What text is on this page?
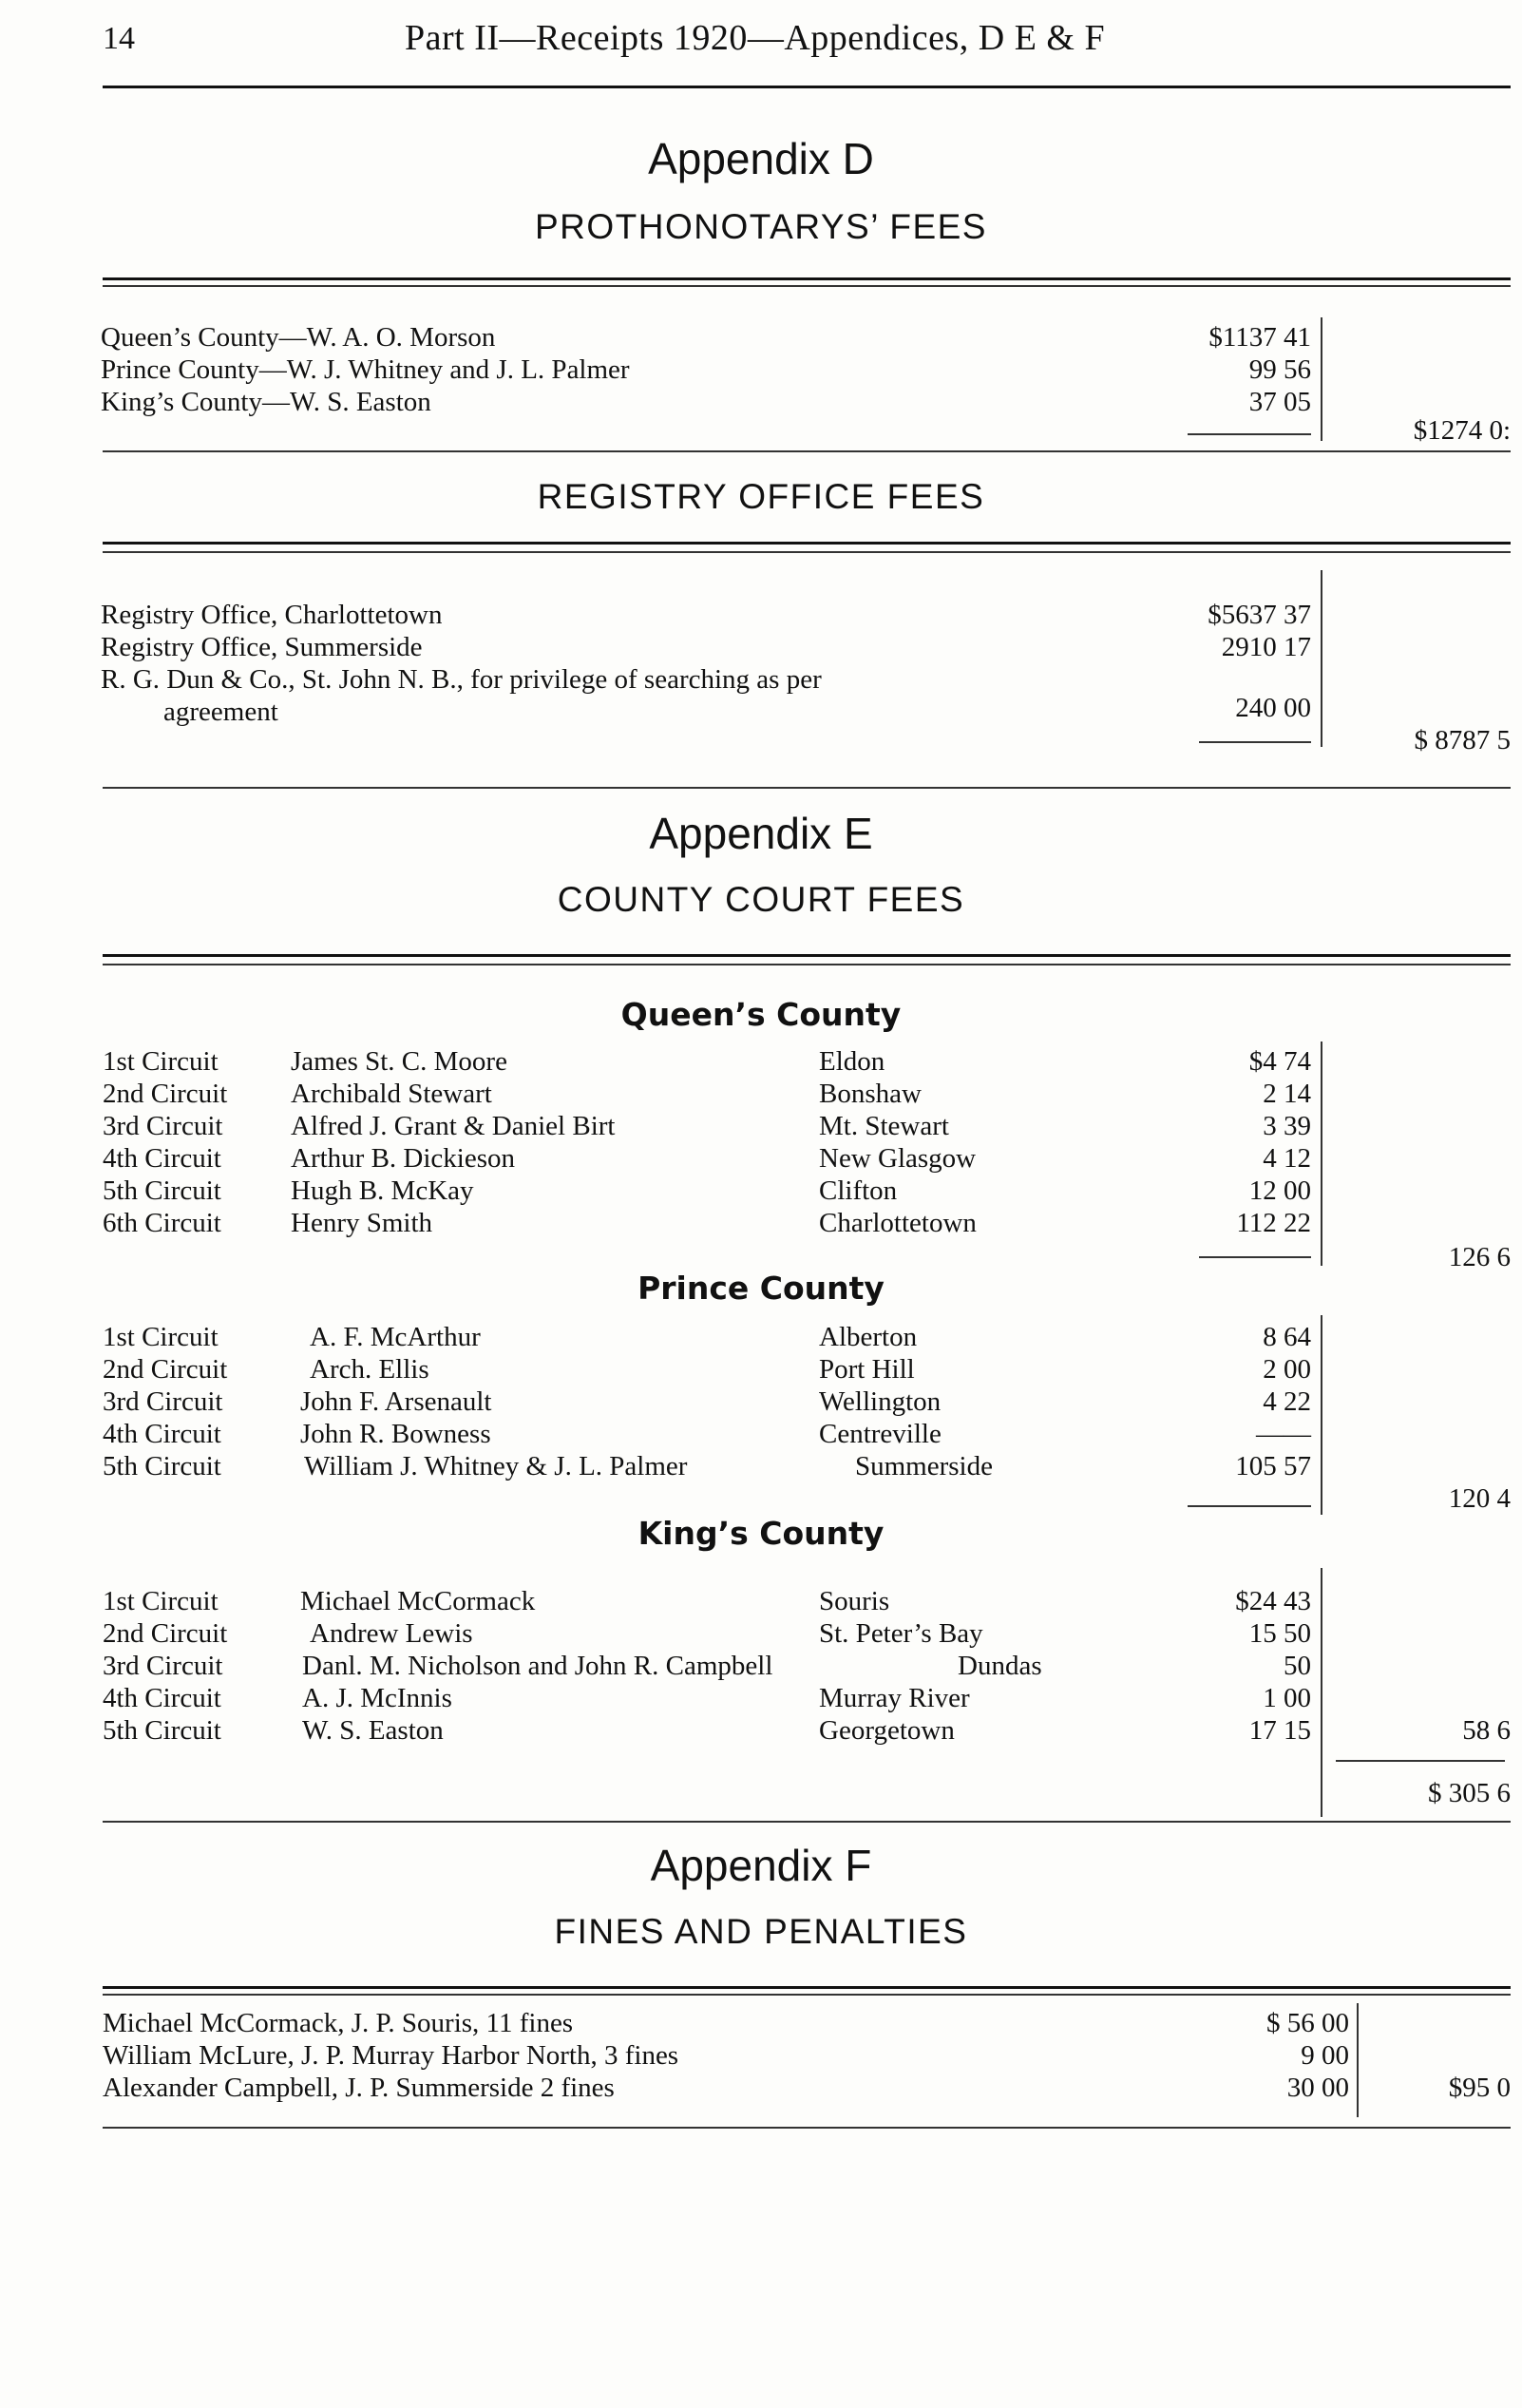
14	Part II—Receipts 1920—Appendices, D E & F
Appendix D
PROTHONOTARYS’ FEES
Queen’s County—W. A. O. Morson	$1137 41
Prince County—W. J. Whitney and J. L. Palmer	99 56
King’s County—W. S. Easton	37 05
$1274 0:
REGISTRY OFFICE FEES
Registry Office, Charlottetown	$5637 37
Registry Office, Summerside	2910 17
R. G. Dun & Co., St. John N. B., for privilege of searching as per
agreement	240 00
$ 8787 5
Appendix E
COUNTY COURT FEES
Queen’s County
1st Circuit	James St. C. Moore	Eldon	$4 74
2nd Circuit Archibald Stewart	Bonshaw	2 14
3rd Circuit Alfred J. Grant & Daniel Birt	Mt. Stewart	3 39
4th Circuit	Arthur B. Dickieson	New Glasgow	4 12
5th Circuit	Hugh B. McKay	Clifton	12 00
6th Circuit	Henry Smith	Charlottetown	112 22
126 6
Prince County
1st Circuit	A. F. McArthur	Alberton	8 64
2nd Circuit	Arch. Ellis	Port Hill	2 00
3rd Circuit	John F. Arsenault	Wellington	4 22
4th Circuit	John R. Bowness	Centreville	——
5th Circuit	William J. Whitney & J. L. Palmer	Summerside	105 57
120 4
King’s County
1st Circuit	Michael McCormack	Souris	$24 43
2nd Circuit	Andrew Lewis	St. Peter’s Bay	15 50
3rd Circuit	Danl. M. Nicholson and John R. Campbell	Dundas	50
4th Circuit	A. J. McInnis	Murray River	1 00
5th Circuit	W. S. Easton	Georgetown	17 15	58 6
$ 305 6
Appendix F
FINES AND PENALTIES
Michael McCormack, J. P. Souris, 11 fines	$ 56 00
William McLure, J. P. Murray Harbor North, 3 fines	9 00
Alexander Campbell, J. P. Summerside 2 fines	30 00	$95 0
